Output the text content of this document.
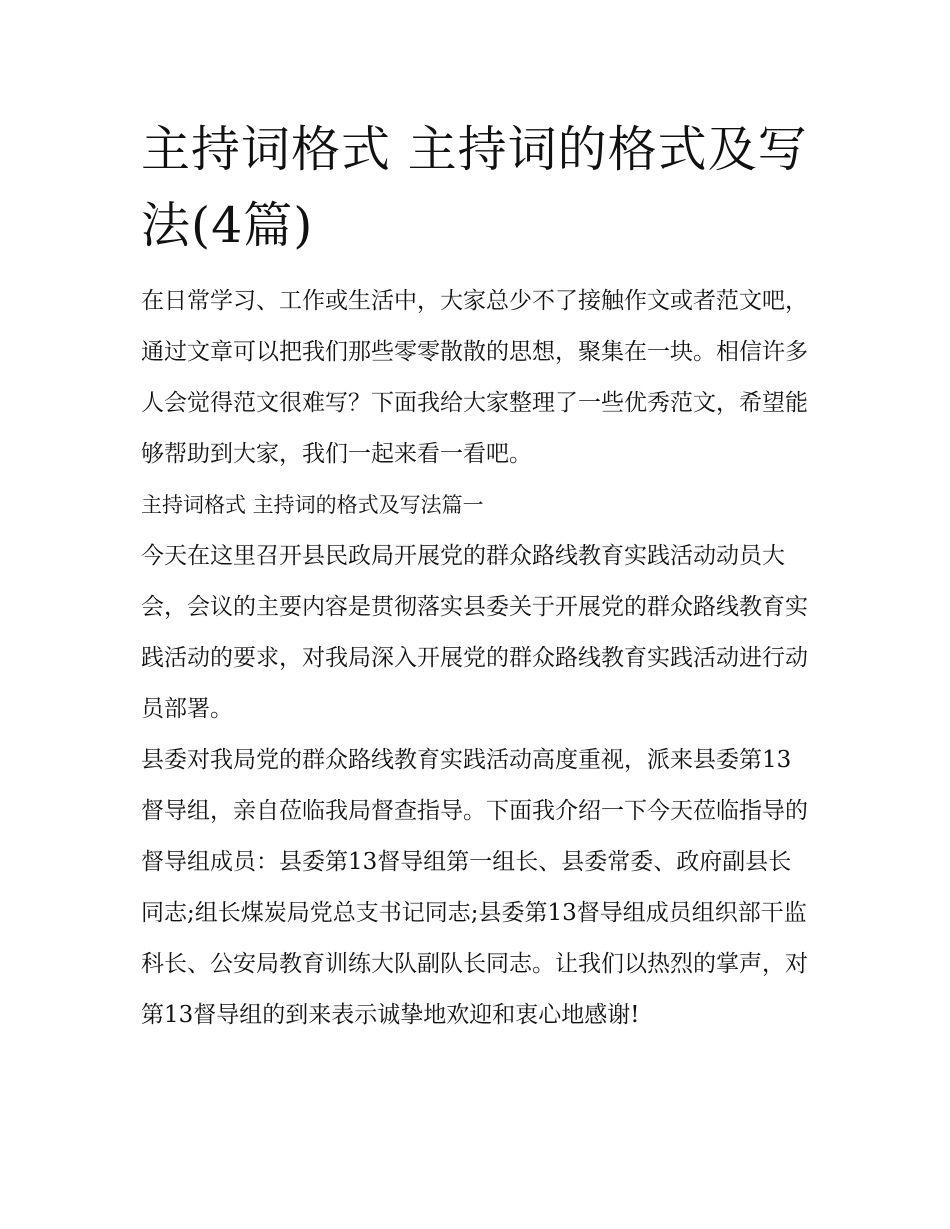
主持词格式 主持词的格式及写法(4篇)

在日常学习、工作或生活中，大家总少不了接触作文或者范文吧，通过文章可以把我们那些零零散散的思想，聚集在一块。相信许多人会觉得范文很难写？下面我给大家整理了一些优秀范文，希望能够帮助到大家，我们一起来看一看吧。

主持词格式 主持词的格式及写法篇一

今天在这里召开县民政局开展党的群众路线教育实践活动动员大会，会议的主要内容是贯彻落实县委关于开展党的群众路线教育实践活动的要求，对我局深入开展党的群众路线教育实践活动进行动员部署。

县委对我局党的群众路线教育实践活动高度重视，派来县委第13督导组，亲自莅临我局督查指导。下面我介绍一下今天莅临指导的督导组成员：县委第13督导组第一组长、县委常委、政府副县长同志;组长煤炭局党总支书记同志;县委第13督导组成员组织部干监科长、公安局教育训练大队副队长同志。让我们以热烈的掌声，对第13督导组的到来表示诚挚地欢迎和衷心地感谢!
